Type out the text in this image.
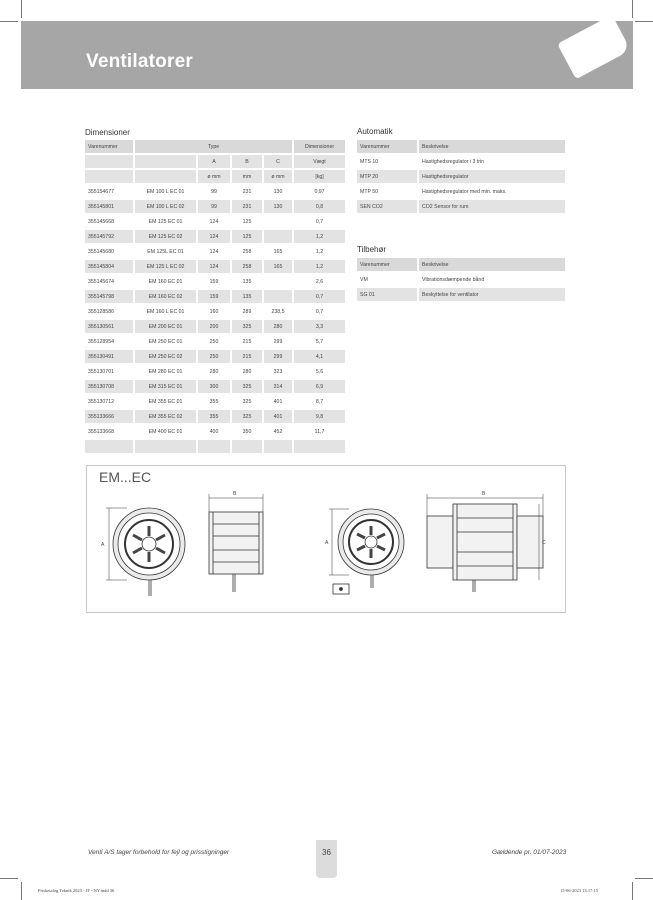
Ventilatorer
Dimensioner
Varenummer	Type				Dimensioner
		A	B	C	Vægt
		ø mm	mm	ø mm	[kg]
355154677	EM 100 L EC 01	99	231	130	0,97
355145801	EM 100 L EC 02	99	231	130	0,8
355145668	EM 125 EC 01	124	125		0,7
355145792	EM 125 EC 02	124	125		1,2
355145680	EM 125L EC 01	124	258	165	1,2
355145804	EM 125 L EC 02	124	258	165	1,2
355145674	EM 160 EC 01	159	135		2,6
355145798	EM 160 EC 02	159	135		0,7
355128586	EM 160 L EC 01	160	289	238,5	0,7
355130561	EM 200 EC 01	200	325	280	3,3
355128954	EM 250 EC 01	250	215	299	5,7
355130491	EM 250 EC 02	250	215	299	4,1
355130701	EM 280 EC 01	280	280	323	5,6
355130708	EM 315 EC 01	300	325	314	6,9
355130712	EM 355 EC 01	355	325	401	8,7
355133666	EM 355 EC 02	355	325	401	9,8
355133668	EM 400 EC 01	400	350	452	11,7

Automatik
Varenummer	Beskrivelse
MTS 10	Hastighedsregulator i 3 trin
MTP 20	Hastighedsregulator
MTP 50	Hastighedsregulator med min. maks.
SEN CO2	CO2 Sensor for rum
Tilbehør
Varenummer	Beskrivelse
VM	Vibrationsdæmpende bånd
SG 01	Beskyttelse for ventilator
EM...EC
A
B
A
B
C
Venti A/S tager forbehold for fejl og prisstigninger	36	Gældende pr. 01/07-2023
Prisketalog Teknik 2023 - JF - NY.indd 36	15-06-2023 13:17:15
